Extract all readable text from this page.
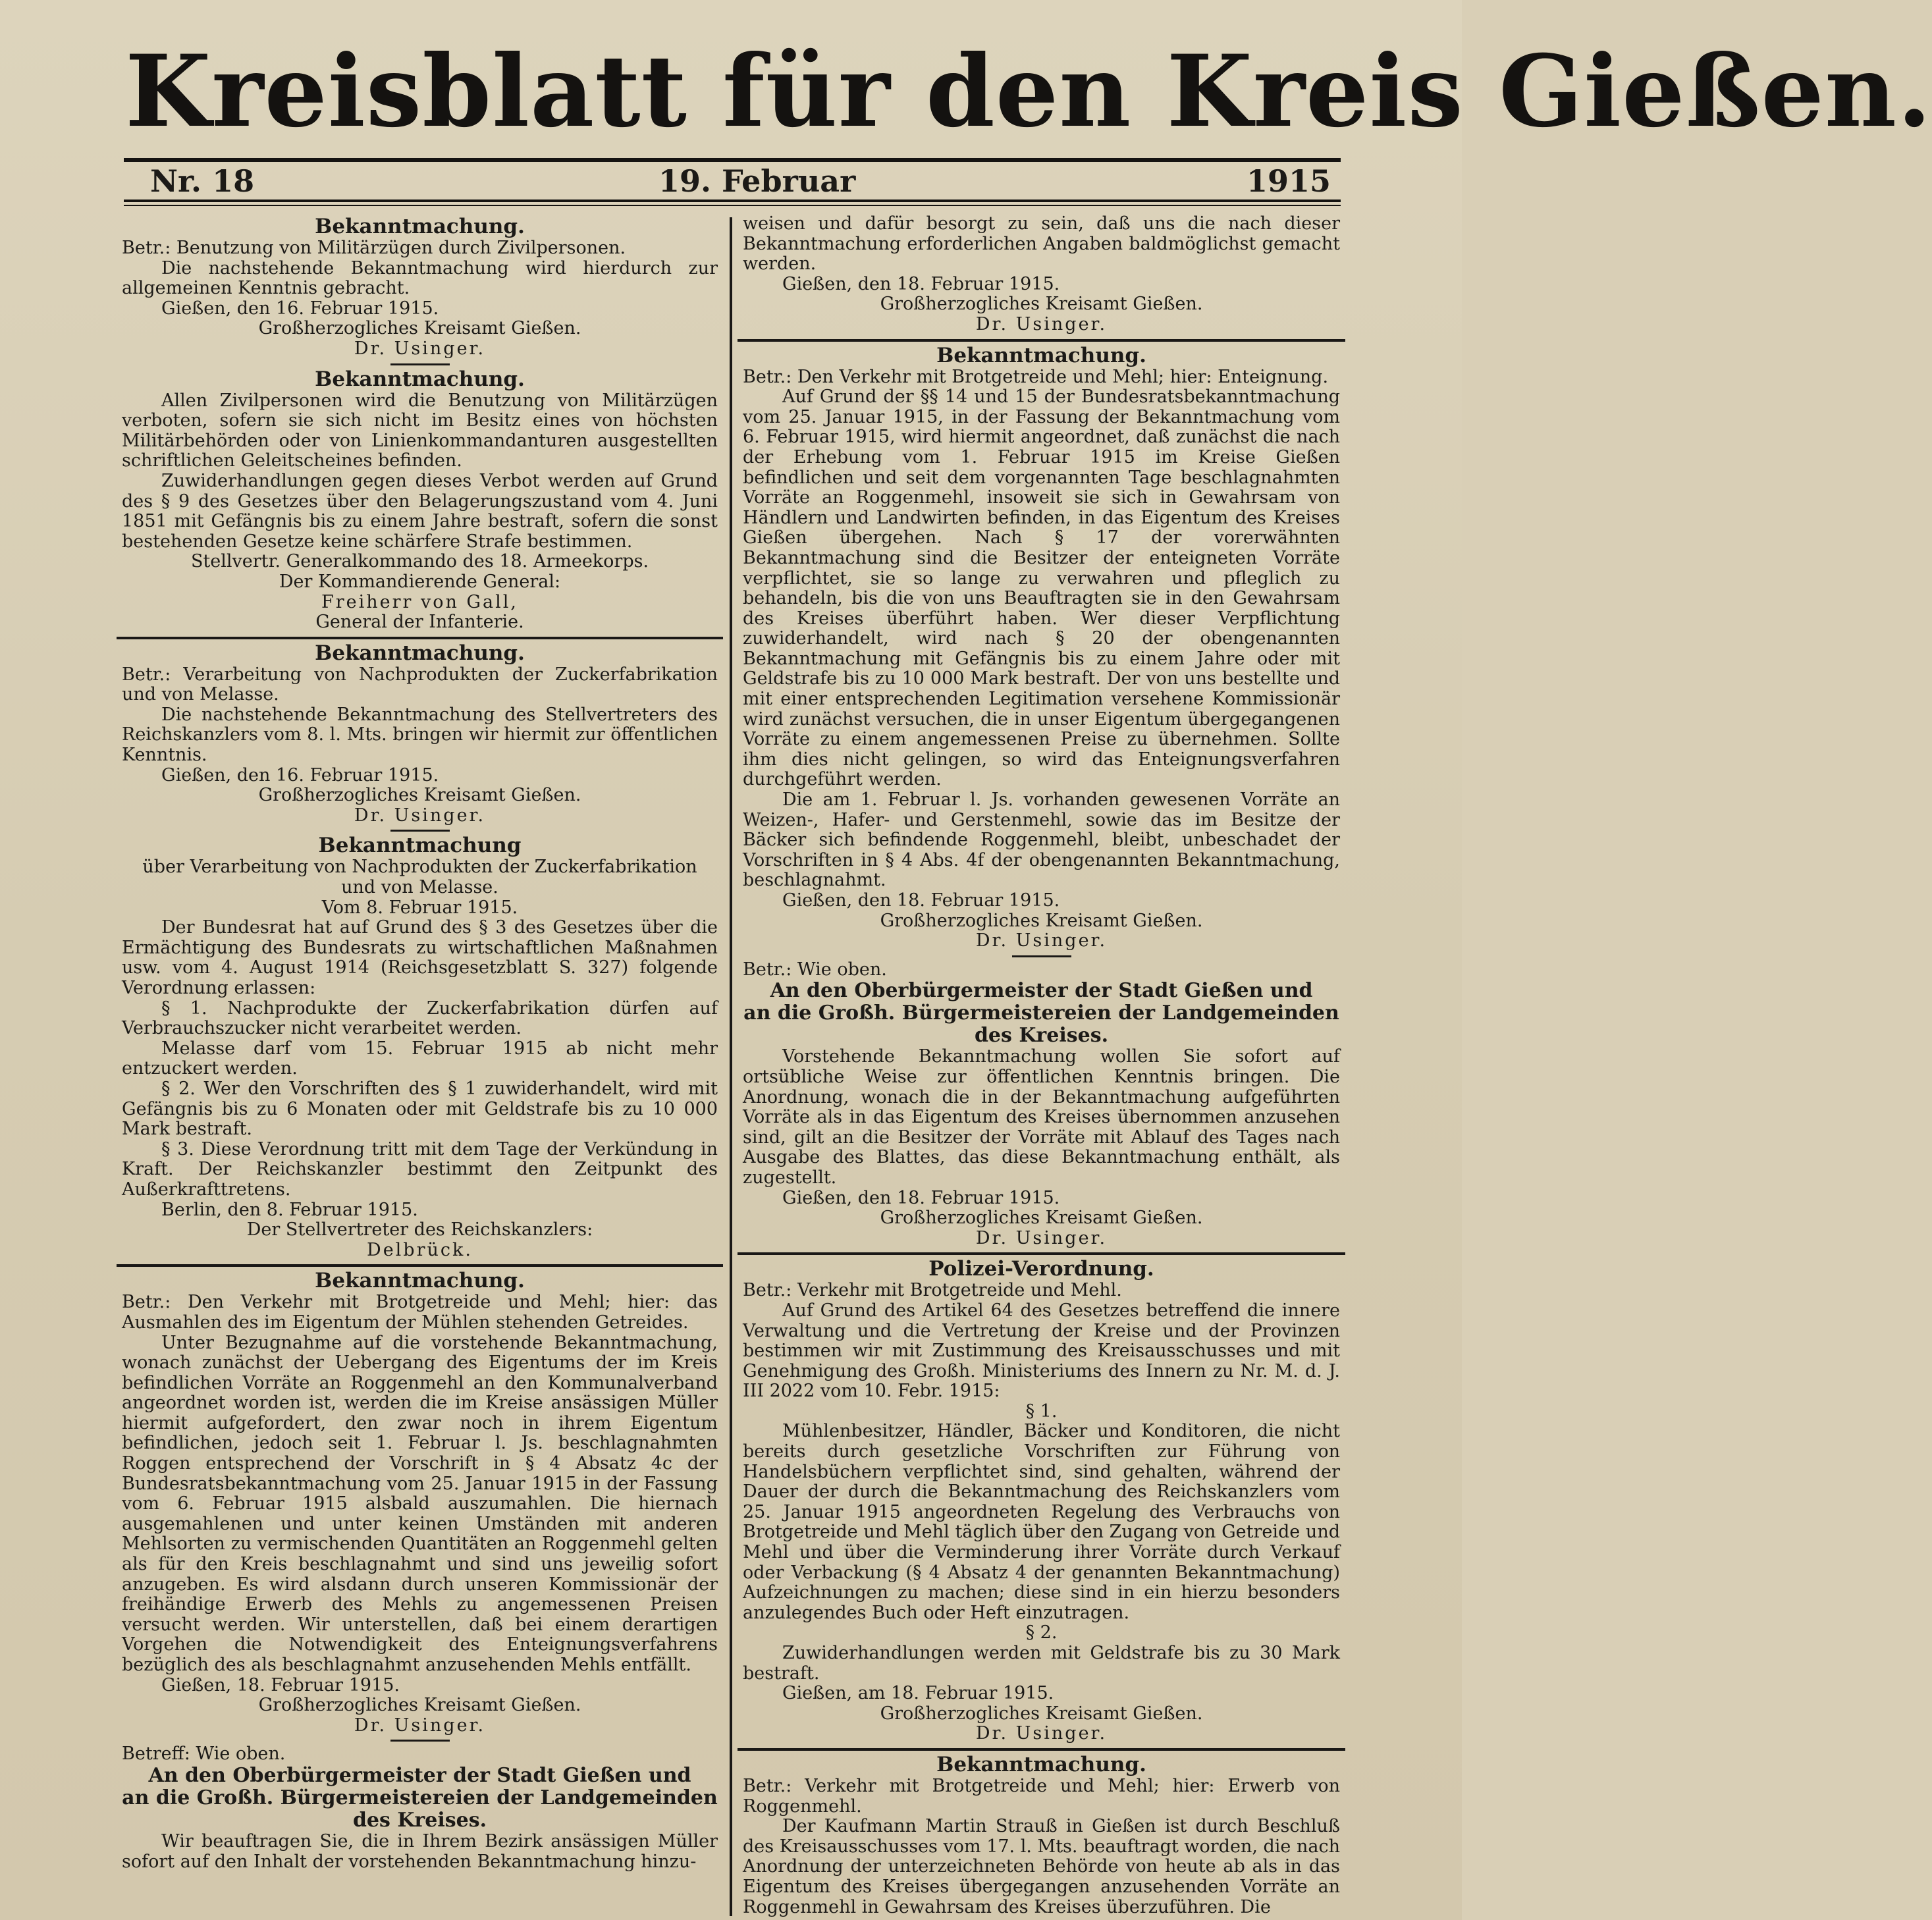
Kreisblatt für den Kreis Gießen.
Nr. 18	19. Februar	1915
Bekanntmachung.

Betr.: Benutzung von Militärzügen durch Zivilpersonen.

Die nachstehende Bekanntmachung wird hierdurch zur allgemeinen Kenntnis gebracht.

Gießen, den 16. Februar 1915.

Großherzogliches Kreisamt Gießen.

Dr. Usinger.

Bekanntmachung.

Allen Zivilpersonen wird die Benutzung von Militärzügen verboten, sofern sie sich nicht im Besitz eines von höchsten Militärbehörden oder von Linienkommandanturen ausgestellten schriftlichen Geleitscheines befinden.

Zuwiderhandlungen gegen dieses Verbot werden auf Grund des § 9 des Gesetzes über den Belagerungszustand vom 4. Juni 1851 mit Gefängnis bis zu einem Jahre bestraft, sofern die sonst bestehenden Gesetze keine schärfere Strafe bestimmen.

Stellvertr. Generalkommando des 18. Armeekorps.

Der Kommandierende General:

Freiherr von Gall,

General der Infanterie.

Bekanntmachung.

Betr.: Verarbeitung von Nachprodukten der Zuckerfabrikation und von Melasse.

Die nachstehende Bekanntmachung des Stellvertreters des Reichskanzlers vom 8. l. Mts. bringen wir hiermit zur öffentlichen Kenntnis.

Gießen, den 16. Februar 1915.

Großherzogliches Kreisamt Gießen.

Dr. Usinger.

Bekanntmachung

über Verarbeitung von Nachprodukten der Zuckerfabrikation

und von Melasse.

Vom 8. Februar 1915.

Der Bundesrat hat auf Grund des § 3 des Gesetzes über die Ermächtigung des Bundesrats zu wirtschaftlichen Maßnahmen usw. vom 4. August 1914 (Reichsgesetzblatt S. 327) folgende Verordnung erlassen:

§ 1. Nachprodukte der Zuckerfabrikation dürfen auf Verbrauchszucker nicht verarbeitet werden.

Melasse darf vom 15. Februar 1915 ab nicht mehr entzuckert werden.

§ 2. Wer den Vorschriften des § 1 zuwiderhandelt, wird mit Gefängnis bis zu 6 Monaten oder mit Geldstrafe bis zu 10 000 Mark bestraft.

§ 3. Diese Verordnung tritt mit dem Tage der Verkündung in Kraft. Der Reichskanzler bestimmt den Zeitpunkt des Außerkrafttretens.

Berlin, den 8. Februar 1915.

Der Stellvertreter des Reichskanzlers:

Delbrück.

Bekanntmachung.

Betr.: Den Verkehr mit Brotgetreide und Mehl; hier: das Ausmahlen des im Eigentum der Mühlen stehenden Getreides.

Unter Bezugnahme auf die vorstehende Bekanntmachung, wonach zunächst der Uebergang des Eigentums der im Kreis befindlichen Vorräte an Roggenmehl an den Kommunalverband angeordnet worden ist, werden die im Kreise ansässigen Müller hiermit aufgefordert, den zwar noch in ihrem Eigentum befindlichen, jedoch seit 1. Februar l. Js. beschlagnahmten Roggen entsprechend der Vorschrift in § 4 Absatz 4c der Bundesratsbekanntmachung vom 25. Januar 1915 in der Fassung vom 6. Februar 1915 alsbald auszumahlen. Die hiernach ausgemahlenen und unter keinen Umständen mit anderen Mehlsorten zu vermischenden Quantitäten an Roggenmehl gelten als für den Kreis beschlagnahmt und sind uns jeweilig sofort anzugeben. Es wird alsdann durch unseren Kommissionär der freihändige Erwerb des Mehls zu angemessenen Preisen versucht werden. Wir unterstellen, daß bei einem derartigen Vorgehen die Notwendigkeit des Enteignungsverfahrens bezüglich des als beschlagnahmt anzusehenden Mehls entfällt.

Gießen, 18. Februar 1915.

Großherzogliches Kreisamt Gießen.

Dr. Usinger.

Betreff: Wie oben.

An den Oberbürgermeister der Stadt Gießen und
an die Großh. Bürgermeistereien der Landgemeinden
des Kreises.

Wir beauftragen Sie, die in Ihrem Bezirk ansässigen Müller sofort auf den Inhalt der vorstehenden Bekanntmachung hinzu-

weisen und dafür besorgt zu sein, daß uns die nach dieser Bekanntmachung erforderlichen Angaben baldmöglichst gemacht werden.

Gießen, den 18. Februar 1915.

Großherzogliches Kreisamt Gießen.

Dr. Usinger.

Bekanntmachung.

Betr.: Den Verkehr mit Brotgetreide und Mehl; hier: Enteignung.

Auf Grund der §§ 14 und 15 der Bundesratsbekanntmachung vom 25. Januar 1915, in der Fassung der Bekanntmachung vom 6. Februar 1915, wird hiermit angeordnet, daß zunächst die nach der Erhebung vom 1. Februar 1915 im Kreise Gießen befindlichen und seit dem vorgenannten Tage beschlagnahmten Vorräte an Roggenmehl, insoweit sie sich in Gewahrsam von Händlern und Landwirten befinden, in das Eigentum des Kreises Gießen übergehen. Nach § 17 der vorerwähnten Bekanntmachung sind die Besitzer der enteigneten Vorräte verpflichtet, sie so lange zu verwahren und pfleglich zu behandeln, bis die von uns Beauftragten sie in den Gewahrsam des Kreises überführt haben. Wer dieser Verpflichtung zuwiderhandelt, wird nach § 20 der obengenannten Bekanntmachung mit Gefängnis bis zu einem Jahre oder mit Geldstrafe bis zu 10 000 Mark bestraft. Der von uns bestellte und mit einer entsprechenden Legitimation versehene Kommissionär wird zunächst versuchen, die in unser Eigentum übergegangenen Vorräte zu einem angemessenen Preise zu übernehmen. Sollte ihm dies nicht gelingen, so wird das Enteignungsverfahren durchgeführt werden.

Die am 1. Februar l. Js. vorhanden gewesenen Vorräte an Weizen-, Hafer- und Gerstenmehl, sowie das im Besitze der Bäcker sich befindende Roggenmehl, bleibt, unbeschadet der Vorschriften in § 4 Abs. 4f der obengenannten Bekanntmachung, beschlagnahmt.

Gießen, den 18. Februar 1915.

Großherzogliches Kreisamt Gießen.

Dr. Usinger.

Betr.: Wie oben.

An den Oberbürgermeister der Stadt Gießen und
an die Großh. Bürgermeistereien der Landgemeinden
des Kreises.

Vorstehende Bekanntmachung wollen Sie sofort auf ortsübliche Weise zur öffentlichen Kenntnis bringen. Die Anordnung, wonach die in der Bekanntmachung aufgeführten Vorräte als in das Eigentum des Kreises übernommen anzusehen sind, gilt an die Besitzer der Vorräte mit Ablauf des Tages nach Ausgabe des Blattes, das diese Bekanntmachung enthält, als zugestellt.

Gießen, den 18. Februar 1915.

Großherzogliches Kreisamt Gießen.

Dr. Usinger.

Polizei-Verordnung.

Betr.: Verkehr mit Brotgetreide und Mehl.

Auf Grund des Artikel 64 des Gesetzes betreffend die innere Verwaltung und die Vertretung der Kreise und der Provinzen bestimmen wir mit Zustimmung des Kreisausschusses und mit Genehmigung des Großh. Ministeriums des Innern zu Nr. M. d. J. III 2022 vom 10. Febr. 1915:

§ 1.

Mühlenbesitzer, Händler, Bäcker und Konditoren, die nicht bereits durch gesetzliche Vorschriften zur Führung von Handelsbüchern verpflichtet sind, sind gehalten, während der Dauer der durch die Bekanntmachung des Reichskanzlers vom 25. Januar 1915 angeordneten Regelung des Verbrauchs von Brotgetreide und Mehl täglich über den Zugang von Getreide und Mehl und über die Verminderung ihrer Vorräte durch Verkauf oder Verbackung (§ 4 Absatz 4 der genannten Bekanntmachung) Aufzeichnungen zu machen; diese sind in ein hierzu besonders anzulegendes Buch oder Heft einzutragen.

§ 2.

Zuwiderhandlungen werden mit Geldstrafe bis zu 30 Mark bestraft.

Gießen, am 18. Februar 1915.

Großherzogliches Kreisamt Gießen.

Dr. Usinger.

Bekanntmachung.

Betr.: Verkehr mit Brotgetreide und Mehl; hier: Erwerb von Roggenmehl.

Der Kaufmann Martin Strauß in Gießen ist durch Beschluß des Kreisausschusses vom 17. l. Mts. beauftragt worden, die nach Anordnung der unterzeichneten Behörde von heute ab als in das Eigentum des Kreises übergegangen anzusehenden Vorräte an Roggenmehl in Gewahrsam des Kreises überzuführen. Die
